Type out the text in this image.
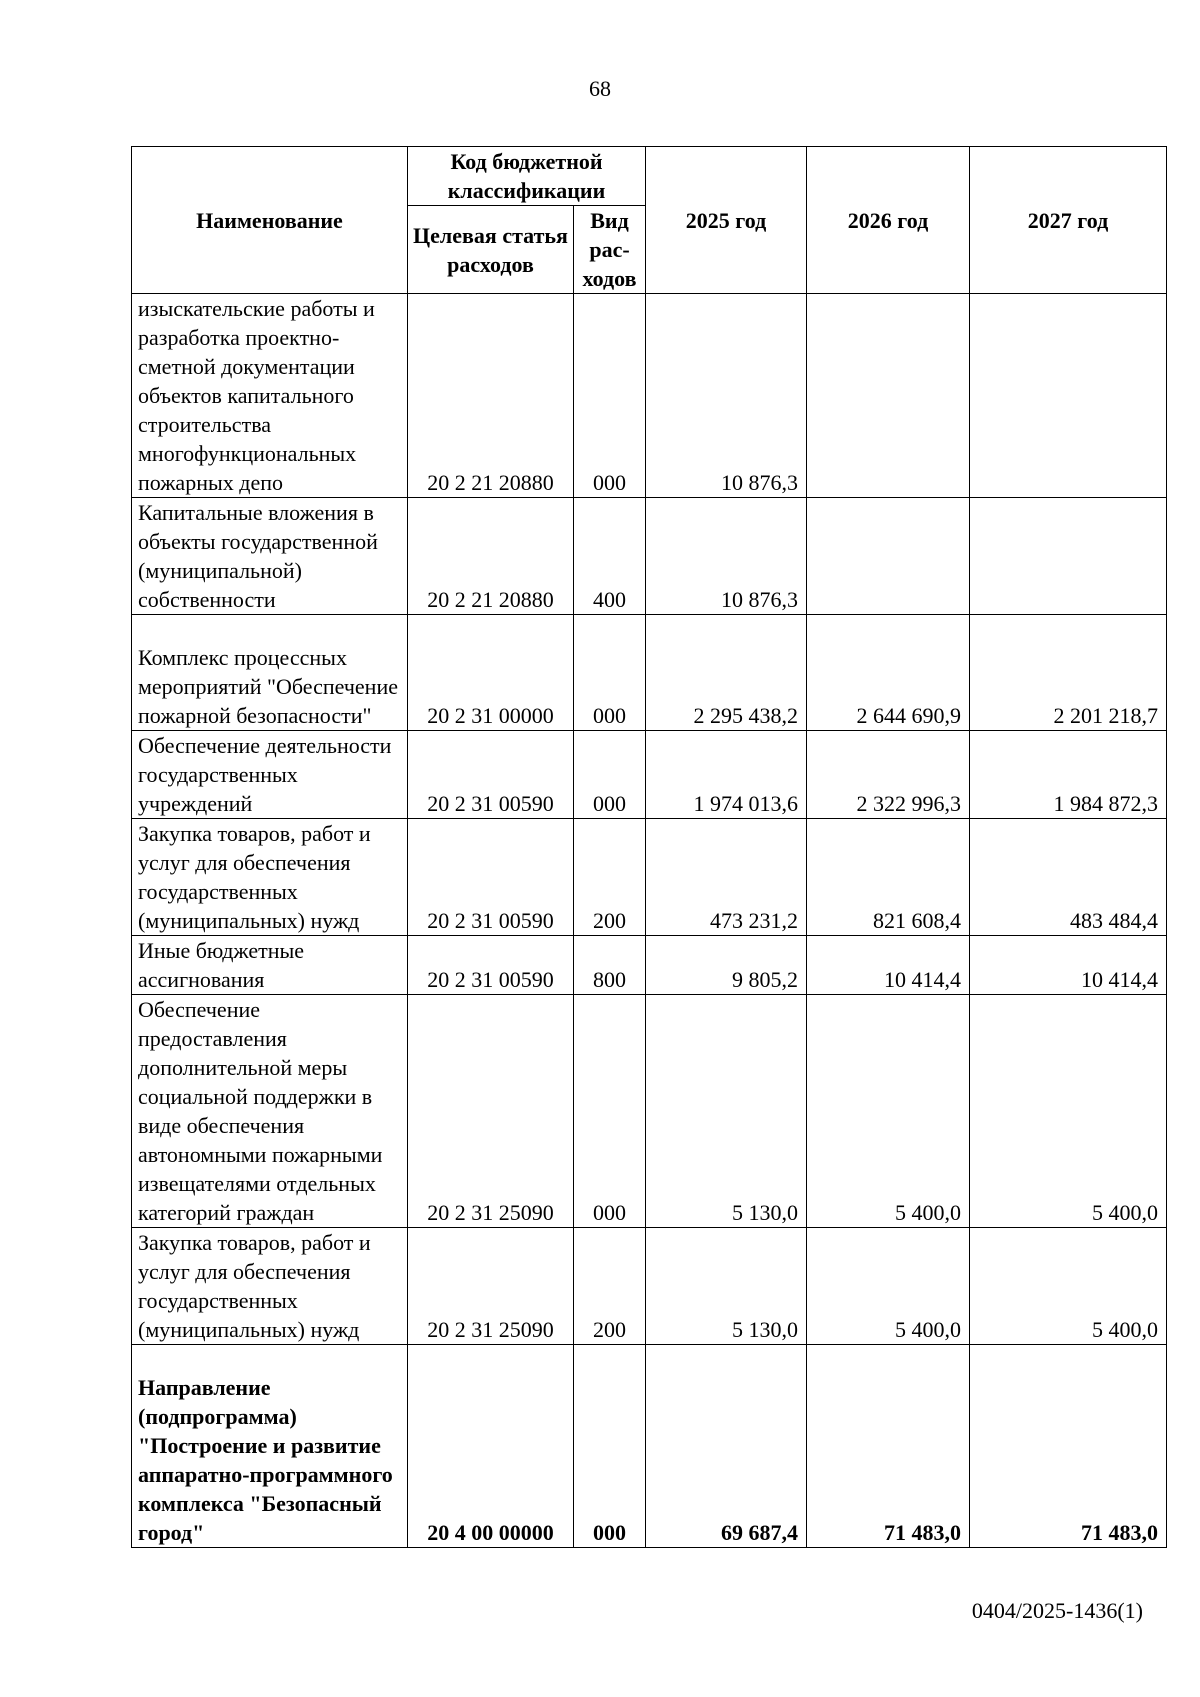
68
Наименование	Код бюджетной классификации		2025 год	2026 год	2027 год
	Целевая статья расходов	Вид рас- ходов			
изыскательские работы и разработка проектно-сметной документации объектов капитального строительства многофункциональных пожарных депо	20 2 21 20880	000	10 876,3		
Капитальные вложения в объекты государственной (муниципальной) собственности	20 2 21 20880	400	10 876,3		
Комплекс процессных мероприятий "Обеспечение пожарной безопасности"	20 2 31 00000	000	2 295 438,2	2 644 690,9	2 201 218,7
Обеспечение деятельности государственных учреждений	20 2 31 00590	000	1 974 013,6	2 322 996,3	1 984 872,3
Закупка товаров, работ и услуг для обеспечения государственных (муниципальных) нужд	20 2 31 00590	200	473 231,2	821 608,4	483 484,4
Иные бюджетные ассигнования	20 2 31 00590	800	9 805,2	10 414,4	10 414,4
Обеспечение предоставления дополнительной меры социальной поддержки в виде обеспечения автономными пожарными извещателями отдельных категорий граждан	20 2 31 25090	000	5 130,0	5 400,0	5 400,0
Закупка товаров, работ и услуг для обеспечения государственных (муниципальных) нужд	20 2 31 25090	200	5 130,0	5 400,0	5 400,0
Направление (подпрограмма) "Построение и развитие аппаратно-программного комплекса "Безопасный город"	20 4 00 00000	000	69 687,4	71 483,0	71 483,0
0404/2025-1436(1)
